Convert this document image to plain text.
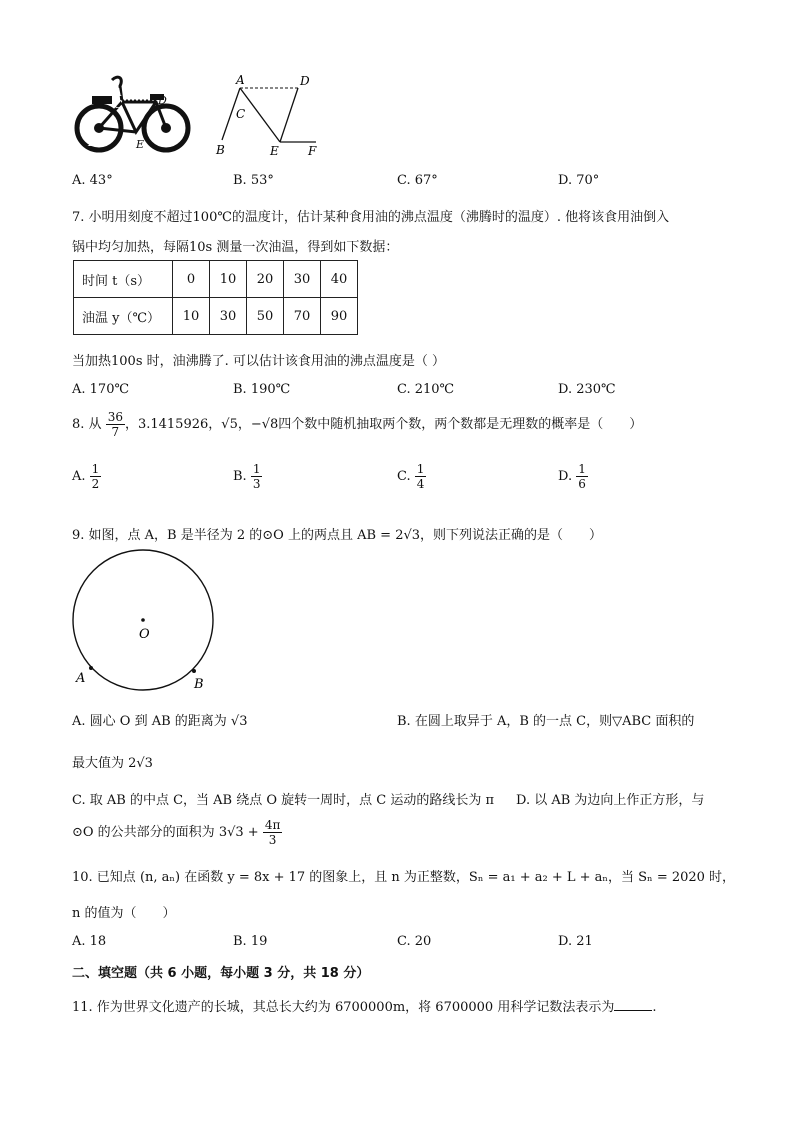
A
C	D
B	E F
A
C
D
B	E F
A. 43°	B. 53°	C. 67°	D. 70°
7. 小明用刻度不超过100℃的温度计，估计某种食用油的沸点温度（沸腾时的温度）. 他将该食用油倒入
锅中均匀加热，每隔10s 测量一次油温，得到如下数据：
时间 t（s）	0	10	20	30	40
油温 y（℃）	10	30	50	70	90
当加热100s 时，油沸腾了. 可以估计该食用油的沸点温度是（ ）
A. 170℃	B. 190℃	C. 210℃	D. 230℃
8. 从 $\frac{36}{7}$ ，3.1415926，√5，−√8四个数中随机抽取两个数，两个数都是无理数的概率是（　　）
A. $\frac{1}{2}$	B. $\frac{1}{3}$	C. $\frac{1}{4}$	D. $\frac{1}{6}$
9. 如图，点 A，B 是半径为 2 的⊙O 上的两点且 AB = 2√3，则下列说法正确的是（　　）
O
A	B
A. 圆心 O 到 AB 的距离为 √3	B. 在圆上取异于 A，B 的一点 C，则▽ABC 面积的
最大值为 2√3
C. 取 AB 的中点 C，当 AB 绕点 O 旋转一周时，点 C 运动的路线长为 π D. 以 AB 为边向上作正方形，与
⊙O 的公共部分的面积为 $3√3 + \frac{4\pi}{3}$
10. 已知点 (n, aₙ) 在函数 y = 8x + 17 的图象上，且 n 为正整数，Sₙ = a₁ + a₂ + L + aₙ，当 Sₙ = 2020 时，
n 的值为（　　）
A. 18	B. 19	C. 20	D. 21
二、填空题（共 6 小题，每小题 3 分，共 18 分）
11. 作为世界文化遗产的长城，其总长大约为 6700000m，将 6700000 用科学记数法表示为	.
